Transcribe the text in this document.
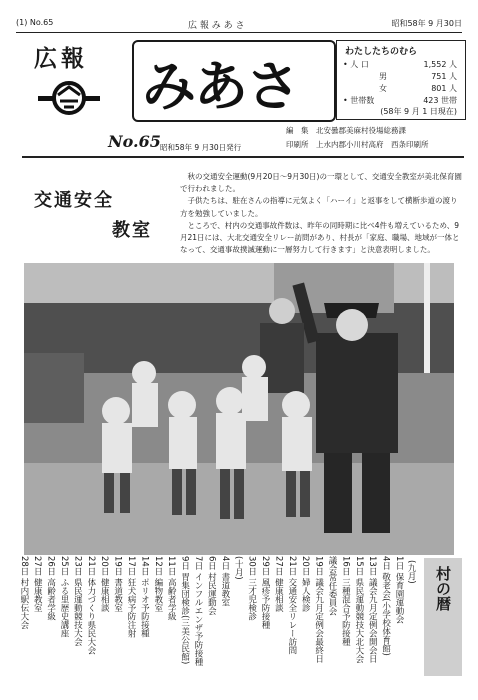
(1) No.65	広 報 み あ さ	昭和58年 9 月30日
広報 みあさ
わたしたちのむら
• 人 口	1,552 人
男	751 人
女	801 人
• 世帯数	423 世帯
(58年 9 月 1 日現在)
No.65 昭和58年 9 月30日発行
編　集　 北安曇郡美麻村役場総務課
印刷所　 上水内郡小川村高府　西条印刷所
交通安全
教室

秋の交通安全運動(9月20日〜9月30日)の一環として、交通安全教室が美北保育園で行われました。

子供たちは、駐在さんの指導に元気よく「ハーイ」と返事をして横断歩道の渡り方を勉強していました。

ところで、村内の交通事故件数は、昨年の同時期に比べ4件も増えているため、9月21日には、大北交通安全リレー訪問があり、村長が「家庭、職場、地域が一体となって、交通事故撲滅運動に一層努力して行きます」と決意表明しました。

村の暦
(九月)
1日 保育園運動会
4日 敬老会(小学校体育館)
13日 議会九月定例会開会日
15日 県民運動競技大北大会
16日 三種混合予防接種
議会常任委員会
19日 議会九月定例会最終日
20日 婦人検診
21日 交通安全リレー訪問
27日 健康相談
29日 風疹予防接種
30日 三才児検診
(十月)
4日 書道教室
6日 村民運動会
7日 インフルエンザ予防接種
9日 胃集団検診(三美公民館)
11日 高齢者学級
12日 編物教室
14日 ポリオ予防接種
17日 狂犬病予防注射
19日 書道教室
20日 健康相談
21日 体力づくり県民大会
23日 県民運動競技大会
25日 ふる里歴史講座
26日 高齢者学級
27日 健康教室
28日 村内駅伝大会
